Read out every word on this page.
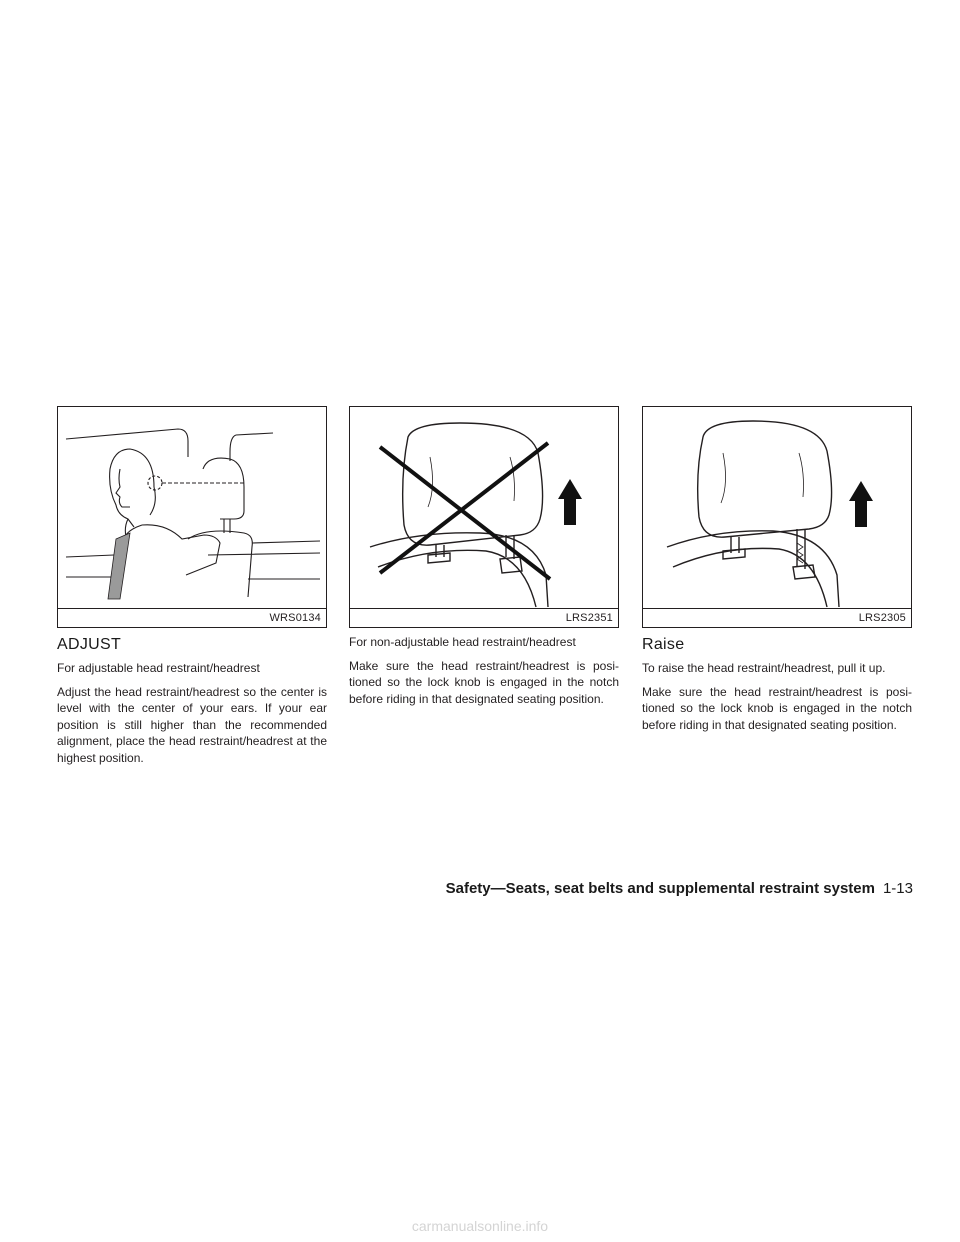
WRS0134	LRS2351	LRS2305
ADJUST

For adjustable head restraint/headrest

Adjust the head restraint/headrest so the center is level with the center of your ears. If your ear position is still higher than the recommended alignment, place the head restraint/headrest at the highest position.

For non-adjustable head restraint/headrest

Make sure the head restraint/headrest is posi-tioned so the lock knob is engaged in the notch before riding in that designated seating position.

Raise

To raise the head restraint/headrest, pull it up.

Make sure the head restraint/headrest is posi-tioned so the lock knob is engaged in the notch before riding in that designated seating position.

Safety—Seats, seat belts and supplemental restraint system 1-13
carmanualsonline.info
